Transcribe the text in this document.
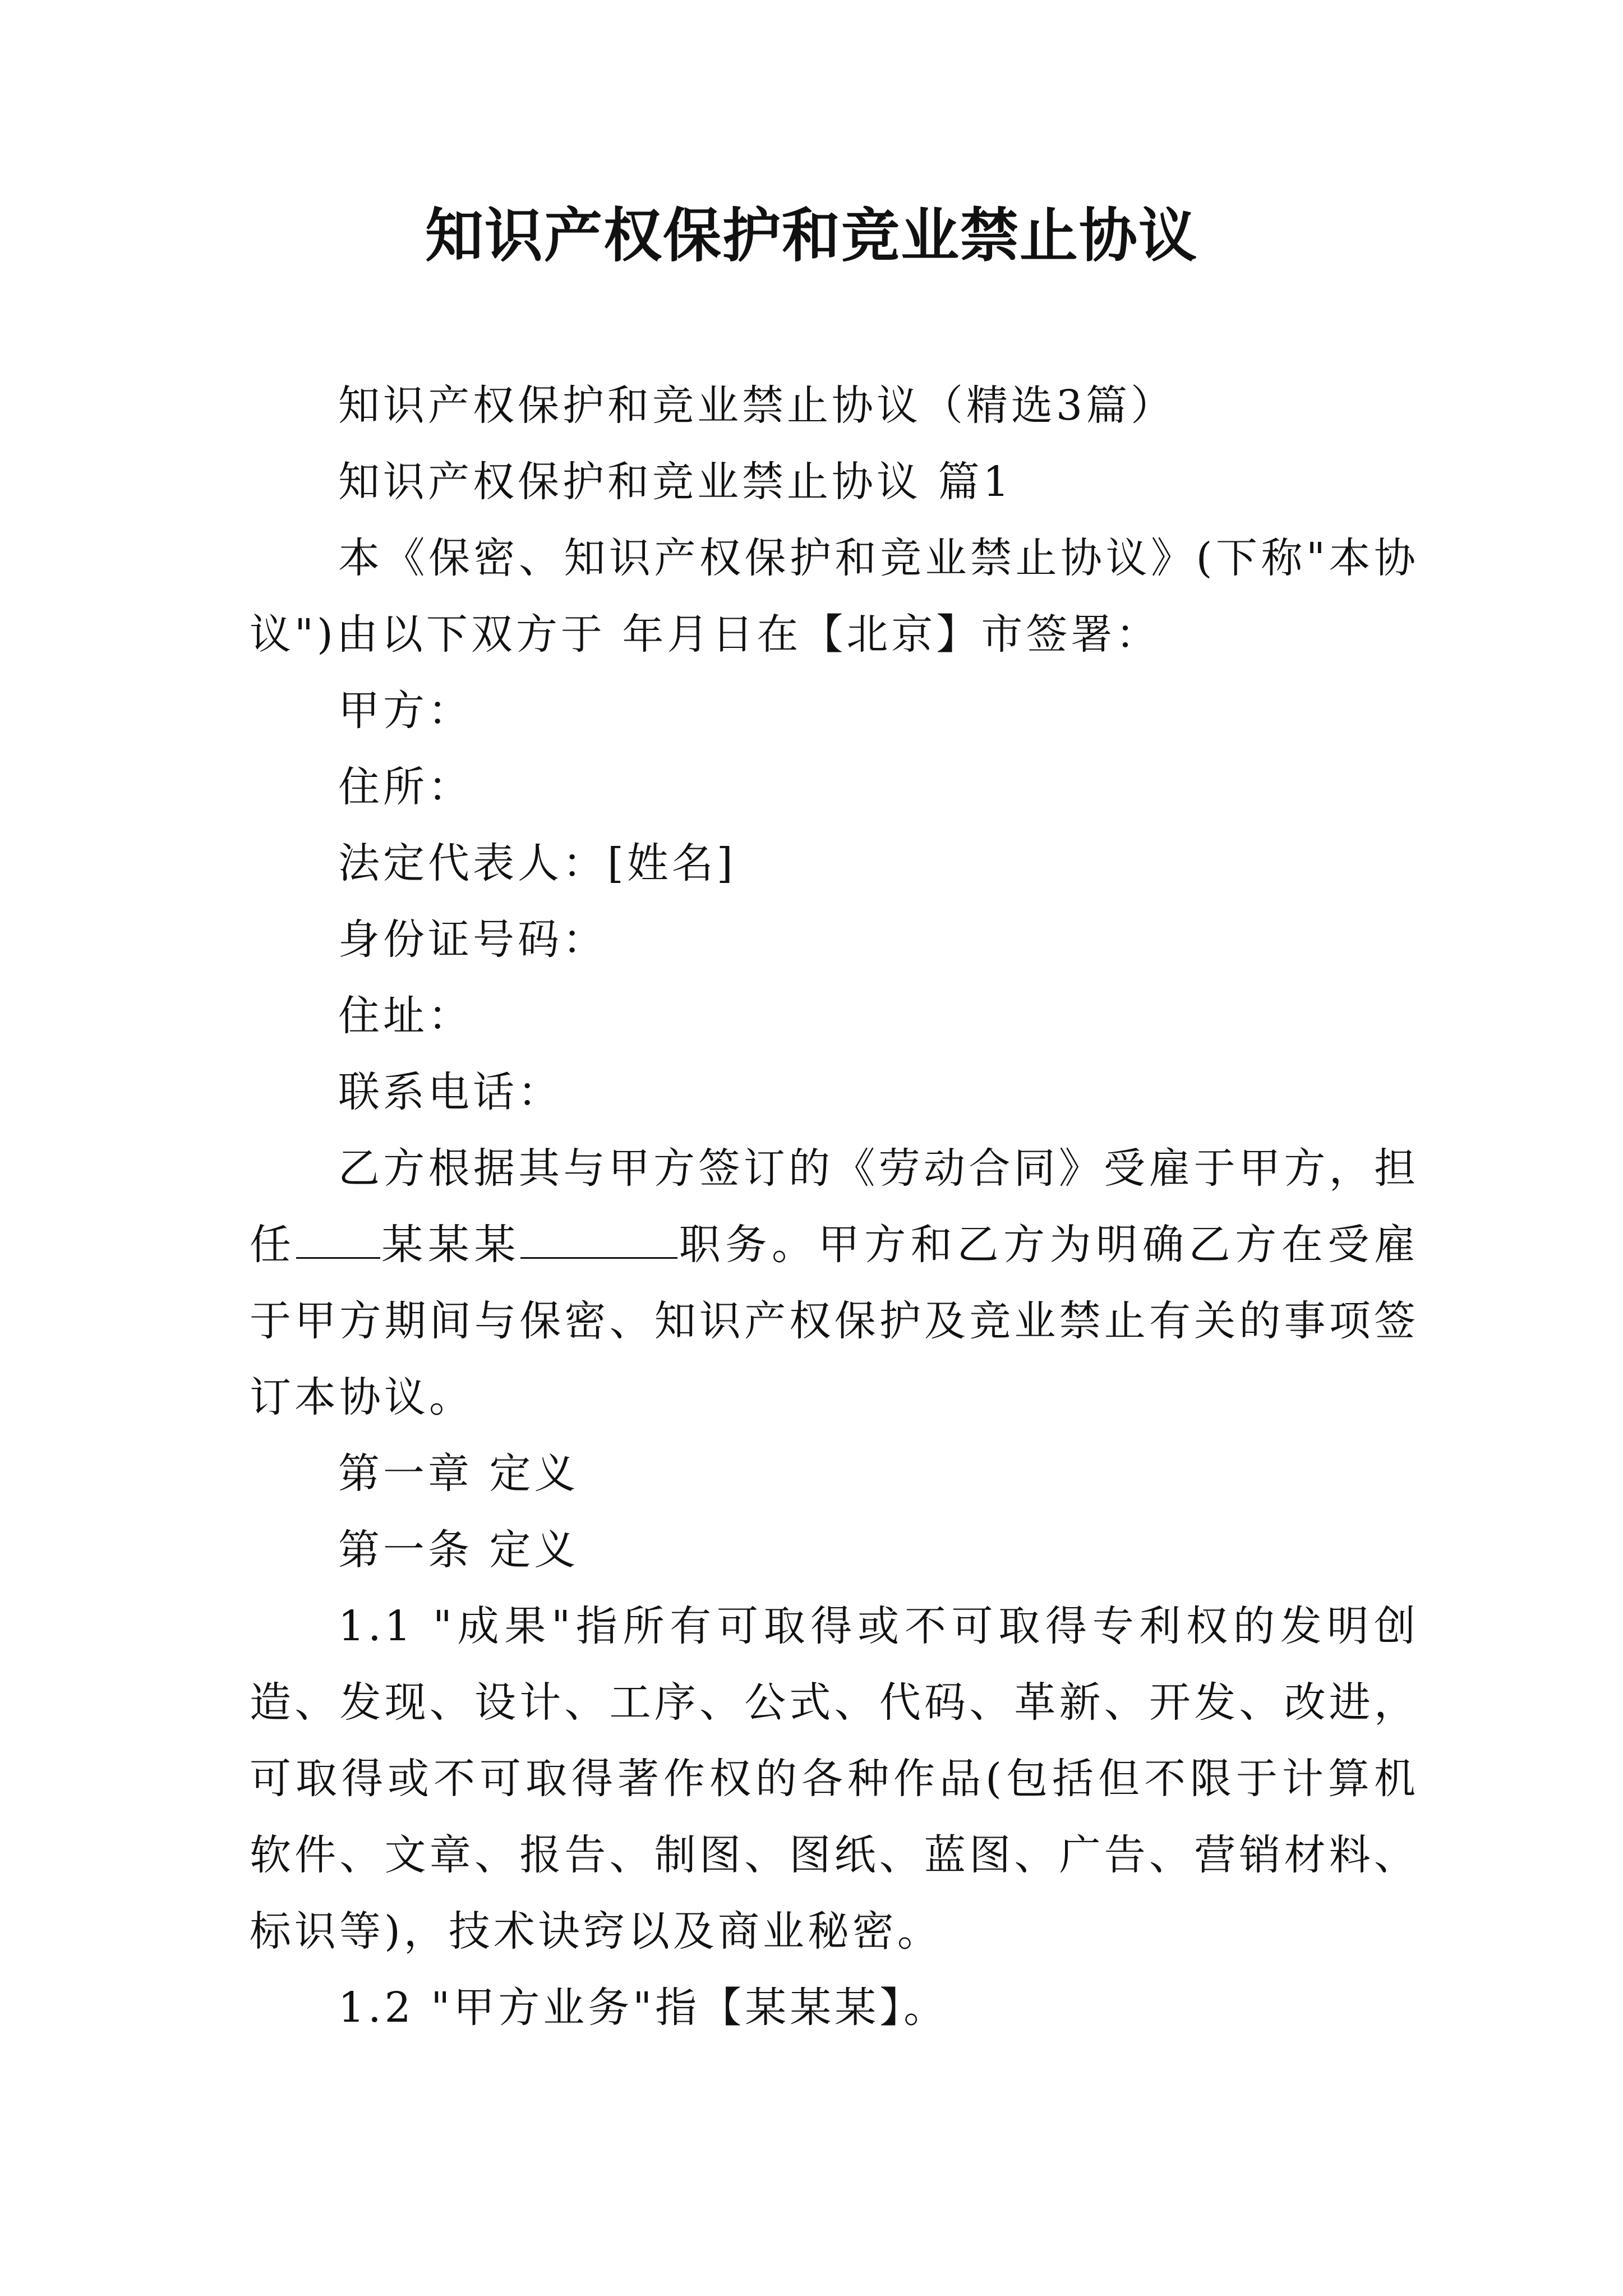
知识产权保护和竞业禁止协议

知识产权保护和竞业禁止协议（精选3篇）

知识产权保护和竞业禁止协议 篇1

本《保密、知识产权保护和竞业禁止协议》(下称"本协议")由以下双方于 年月日在【北京】市签署：

甲方：

住所：

法定代表人：[姓名]

身份证号码：

住址：

联系电话：

乙方根据其与甲方签订的《劳动合同》受雇于甲方，担任 某某某	职务。甲方和乙方为明确乙方在受雇于甲方期间与保密、知识产权保护及竞业禁止有关的事项签订本协议。

第一章 定义

第一条 定义

1.1 "成果"指所有可取得或不可取得专利权的发明创造、发现、设计、工序、公式、代码、革新、开发、改进，可取得或不可取得著作权的各种作品(包括但不限于计算机软件、文章、报告、制图、图纸、蓝图、广告、营销材料、标识等)，技术诀窍以及商业秘密。

1.2 "甲方业务"指【某某某】。
